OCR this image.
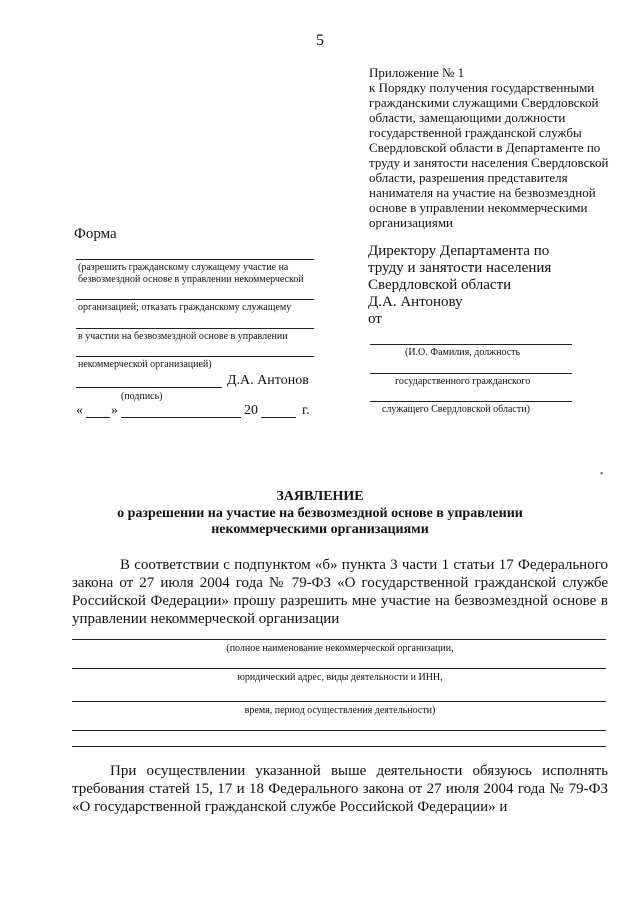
5
Приложение № 1
к Порядку получения государственными
гражданскими служащими Свердловской
области, замещающими должности
государственной гражданской службы
Свердловской области в Департаменте по
труду и занятости населения Свердловской
области, разрешения представителя
нанимателя на участие на безвозмездной
основе в управлении некоммерческими
организациями
Форма
Директору Департамента по
труду и занятости населения
Свердловской области
Д.А. Антонову
от
(И.О. Фамилия, должность
государственного гражданского
служащего Свердловской области)
(разрешить гражданскому служащему участие на
безвозмездной основе в управлении некоммерческой
организацией; отказать гражданскому служащему
в участии на безвозмездной основе в управлении
некоммерческой организацией)
Д.А. Антонов
(подпись)
« »	20	г.
▪
ЗАЯВЛЕНИЕ
о разрешении на участие на безвозмездной основе в управлении
некоммерческими организациями
В соответствии с подпунктом «б» пункта 3 части 1 статьи 17 Федерального закона от 27 июля 2004 года № 79-ФЗ «О государственной гражданской службе Российской Федерации» прошу разрешить мне участие на безвозмездной основе в управлении некоммерческой организации
(полное наименование некоммерческой организации,
юридический адрес, виды деятельности и ИНН,
время, период осуществления деятельности)
При осуществлении указанной выше деятельности обязуюсь исполнять требования статей 15, 17 и 18 Федерального закона от 27 июля 2004 года № 79-ФЗ «О государственной гражданской службе Российской Федерации» и
